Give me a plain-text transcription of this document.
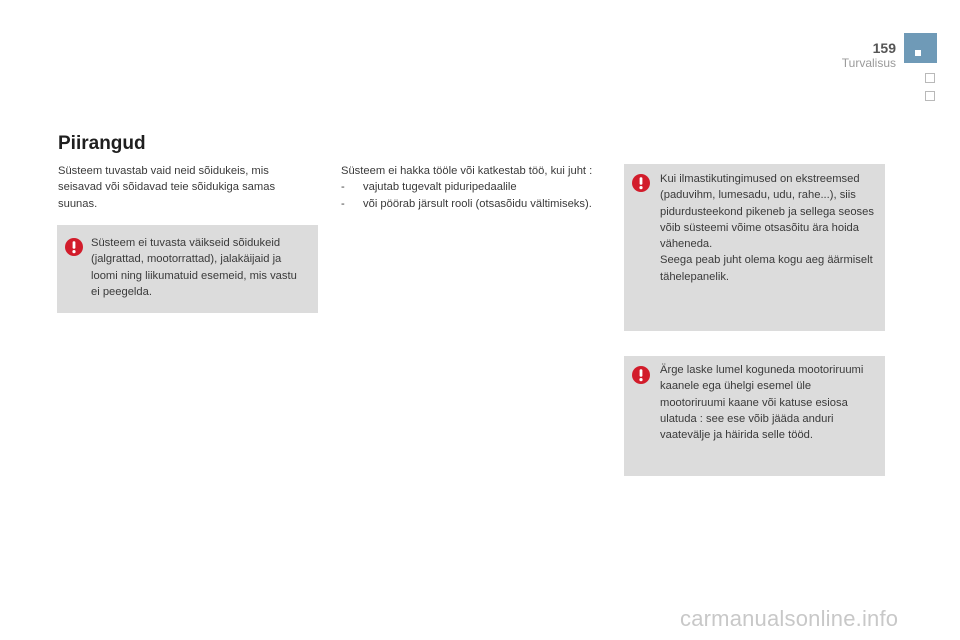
159
Turvalisus
Piirangud

Süsteem tuvastab vaid neid sõidukeis, mis seisavad või sõidavad teie sõidukiga samas suunas.

Süsteem ei tuvasta väikseid sõidukeid (jalgrattad, mootorrattad), jalakäijaid ja loomi ning liikumatuid esemeid, mis vastu ei peegelda.

Süsteem ei hakka tööle või katkestab töö, kui juht :

-	vajutab tugevalt piduripedaalile
-	või pöörab järsult rooli (otsasõidu vältimiseks).

Kui ilmastikutingimused on ekstreemsed (paduvihm, lumesadu, udu, rahe...), siis pidurdusteekond pikeneb ja sellega seoses võib süsteemi võime otsasõitu ära hoida väheneda.

Seega peab juht olema kogu aeg äärmiselt tähelepanelik.

Ärge laske lumel koguneda mootoriruumi kaanele ega ühelgi esemel üle mootoriruumi kaane või katuse esiosa ulatuda : see ese võib jääda anduri vaatevälje ja häirida selle tööd.

carmanualsonline.info
